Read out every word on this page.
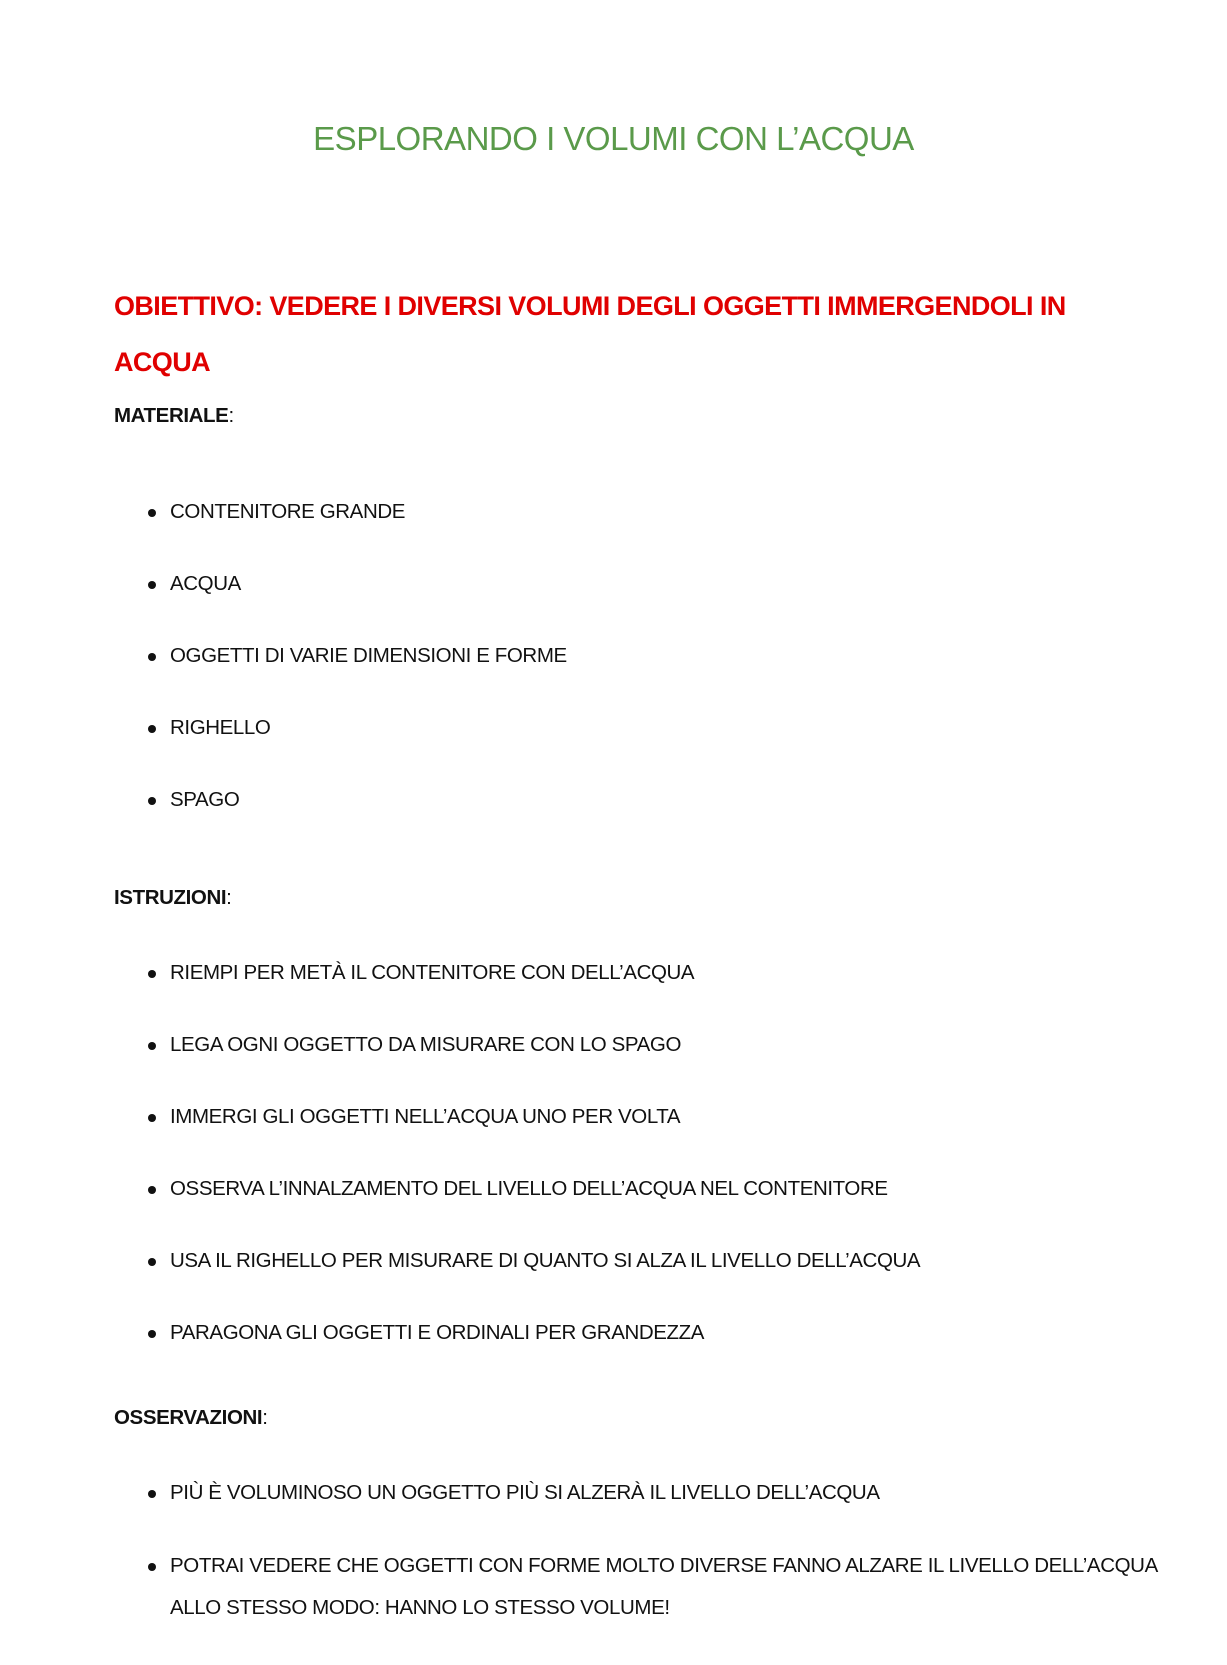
ESPLORANDO I VOLUMI CON L’ACQUA
OBIETTIVO: VEDERE I DIVERSI VOLUMI DEGLI OGGETTI IMMERGENDOLI IN ACQUA

MATERIALE:

CONTENITORE GRANDE
ACQUA
OGGETTI DI VARIE DIMENSIONI E FORME
RIGHELLO
SPAGO

ISTRUZIONI:

RIEMPI PER METÀ IL CONTENITORE CON DELL’ACQUA
LEGA OGNI OGGETTO DA MISURARE CON LO SPAGO
IMMERGI GLI OGGETTI NELL’ACQUA UNO PER VOLTA
OSSERVA L’INNALZAMENTO DEL LIVELLO DELL’ACQUA NEL CONTENITORE
USA IL RIGHELLO PER MISURARE DI QUANTO SI ALZA IL LIVELLO DELL’ACQUA
PARAGONA GLI OGGETTI E ORDINALI PER GRANDEZZA

OSSERVAZIONI:

PIÙ È VOLUMINOSO UN OGGETTO PIÙ SI ALZERÀ IL LIVELLO DELL’ACQUA
POTRAI VEDERE CHE OGGETTI CON FORME MOLTO DIVERSE FANNO ALZARE IL LIVELLO DELL’ACQUA ALLO STESSO MODO: HANNO LO STESSO VOLUME!
